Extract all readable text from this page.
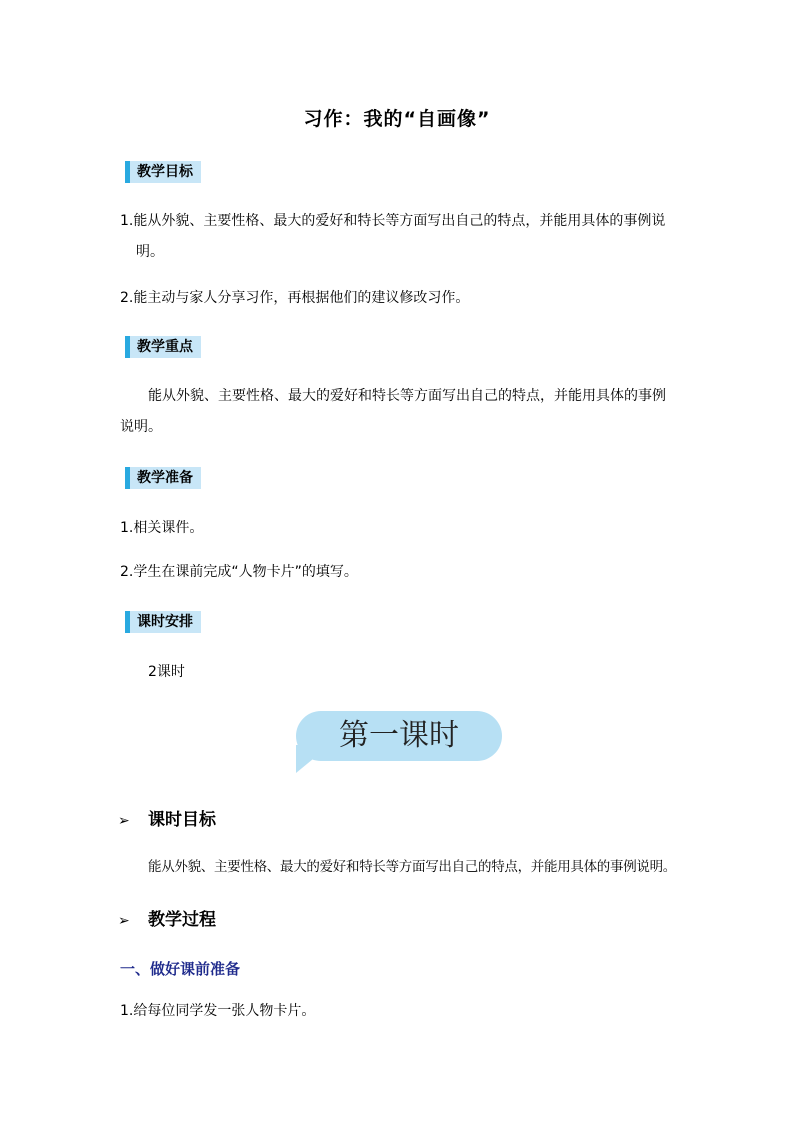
习作：我的“自画像”
教学目标
1.能从外貌、主要性格、最大的爱好和特长等方面写出自己的特点，并能用具体的事例说明。
2.能主动与家人分享习作，再根据他们的建议修改习作。
教学重点
能从外貌、主要性格、最大的爱好和特长等方面写出自己的特点，并能用具体的事例说明。
教学准备
1.相关课件。
2.学生在课前完成“人物卡片”的填写。
课时安排
2课时
第一课时
➢ 课时目标
能从外貌、主要性格、最大的爱好和特长等方面写出自己的特点，并能用具体的事例说明。
➢ 教学过程
一、做好课前准备
1.给每位同学发一张人物卡片。
